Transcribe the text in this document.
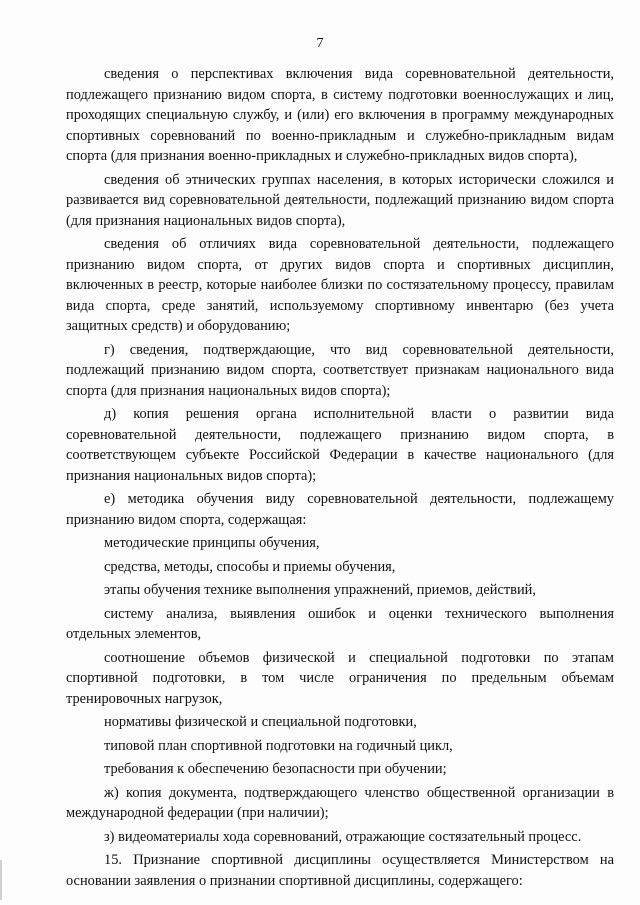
7

сведения о перспективах включения вида соревновательной деятельности, подлежащего признанию видом спорта, в систему подготовки военнослужащих и лиц, проходящих специальную службу, и (или) его включения в программу международных спортивных соревнований по военно-прикладным и служебно-прикладным видам спорта (для признания военно-прикладных и служебно-прикладных видов спорта),

сведения об этнических группах населения, в которых исторически сложился и развивается вид соревновательной деятельности, подлежащий признанию видом спорта (для признания национальных видов спорта),

сведения об отличиях вида соревновательной деятельности, подлежащего признанию видом спорта, от других видов спорта и спортивных дисциплин, включенных в реестр, которые наиболее близки по состязательному процессу, правилам вида спорта, среде занятий, используемому спортивному инвентарю (без учета защитных средств) и оборудованию;

г) сведения, подтверждающие, что вид соревновательной деятельности, подлежащий признанию видом спорта, соответствует признакам национального вида спорта (для признания национальных видов спорта);

д) копия решения органа исполнительной власти о развитии вида соревновательной деятельности, подлежащего признанию видом спорта, в соответствующем субъекте Российской Федерации в качестве национального (для признания национальных видов спорта);

е) методика обучения виду соревновательной деятельности, подлежащему признанию видом спорта, содержащая:

методические принципы обучения,

средства, методы, способы и приемы обучения,

этапы обучения технике выполнения упражнений, приемов, действий,

систему анализа, выявления ошибок и оценки технического выполнения отдельных элементов,

соотношение объемов физической и специальной подготовки по этапам спортивной подготовки, в том числе ограничения по предельным объемам тренировочных нагрузок,

нормативы физической и специальной подготовки,

типовой план спортивной подготовки на годичный цикл,

требования к обеспечению безопасности при обучении;

ж) копия документа, подтверждающего членство общественной организации в международной федерации (при наличии);

з) видеоматериалы хода соревнований, отражающие состязательный процесс.

15. Признание спортивной дисциплины осуществляется Министерством на основании заявления о признании спортивной дисциплины, содержащего:
